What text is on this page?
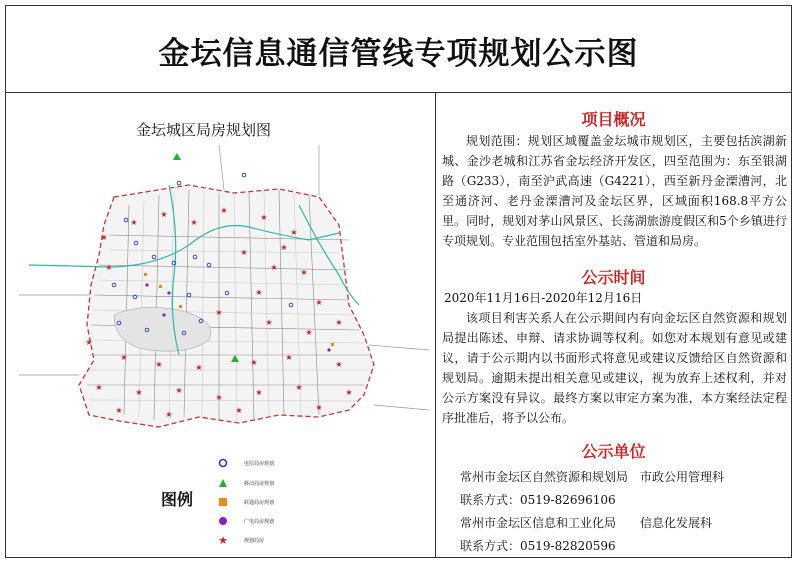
金坛信息通信管线专项规划公示图
金坛城区局房规划图
★
★
★
★
★
★
★
★
★
★
★
★
★
★
★
★
★
★
★	★
★
★
★
★
★	★
★
★
★
★
★	★	★	★
★
★
电信局房规划
移动局房规划
联通局房规划
广电局房规划
★	规划局房
图例
项目概况
规划范围：规划区域覆盖金坛城市规划区，主要包括滨湖新城、金沙老城和江苏省金坛经济开发区，四至范围为：东至银湖路（G233），南至沪武高速（G4221），西至新丹金溧漕河，北至通济河、老丹金溧漕河及金坛区界，区域面积168.8平方公里。同时，规划对茅山风景区、长荡湖旅游度假区和5个乡镇进行专项规划。专业范围包括室外基站、管道和局房。
公示时间
2020年11月16日-2020年12月16日
该项目利害关系人在公示期间内有向金坛区自然资源和规划局提出陈述、申辩、请求协调等权利。如您对本规划有意见或建议，请于公示期内以书面形式将意见或建议反馈给区自然资源和规划局。逾期未提出相关意见或建议，视为放弃上述权利，并对公示方案没有异议。最终方案以审定方案为准，本方案经法定程序批准后，将予以公布。
公示单位
常州市金坛区自然资源和规划局　市政公用管理科
联系方式：0519-82696106
常州市金坛区信息和工业化局　　信息化发展科
联系方式：0519-82820596
